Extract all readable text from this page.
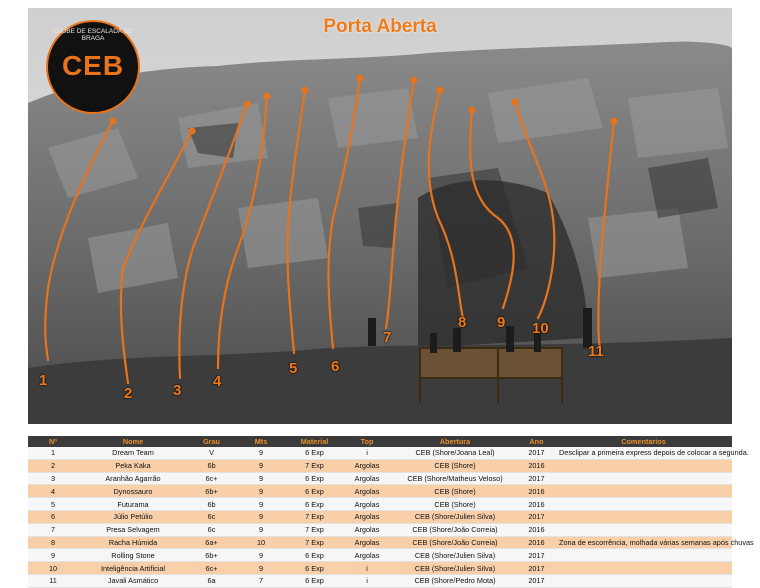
Porta Aberta
CLUBE DE ESCALADA DE BRAGA
CEB
1
2	3
4
5 6
7
8 9 10
11
Nº	Nome	Grau	Mts	Material	Top	Abertura	Ano	Comentarios
1	Dream Team	V	9	6 Exp	i	CEB (Shore/Joana Leal)	2017	Desclipar a primeira express depois de colocar a segunda.
2	Peka Kaka	6b	9	7 Exp	Argolas	CEB (Shore)	2016	
3	Aranhão Agarrão	6c+	9	6 Exp	Argolas	CEB (Shore/Matheus Veloso)	2017	
4	Dynossauro	6b+	9	6 Exp	Argolas	CEB (Shore)	2016	
5	Futurama	6b	9	6 Exp	Argolas	CEB (Shore)	2016	
6	Júlio Petúlio	6c	9	7 Exp	Argolas	CEB (Shore/Julien Silva)	2017	
7	Presa Selvagem	6c	9	7 Exp	Argolas	CEB (Shore/João Correia)	2016	
8	Racha Húmida	6a+	10	7 Exp	Argolas	CEB (Shore/João Correia)	2016	Zona de escorrência, molhada várias semanas após chuvas
9	Rolling Stone	6b+	9	6 Exp	Argolas	CEB (Shore/Julien Silva)	2017	
10	Inteligência Artificial	6c+	9	6 Exp	i	CEB (Shore/Julien Silva)	2017	
11	Javali Asmático	6a	7	6 Exp	i	CEB (Shore/Pedro Mota)	2017	
